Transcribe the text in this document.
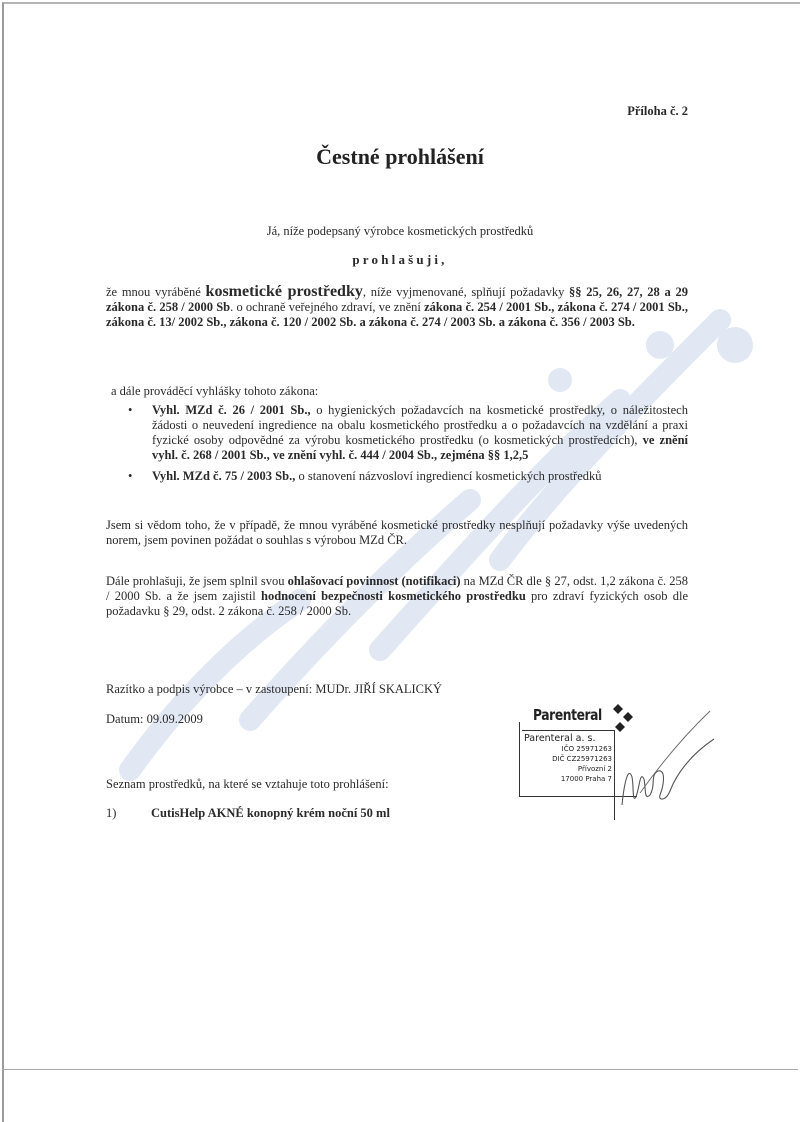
Příloha č. 2
Čestné prohlášení
Já, níže podepsaný výrobce kosmetických prostředků
prohlašuji,
že mnou vyráběné kosmetické prostředky, níže vyjmenované, splňují požadavky §§ 25, 26, 27, 28 a 29 zákona č. 258 / 2000 Sb. o ochraně veřejného zdraví, ve znění zákona č. 254 / 2001 Sb., zákona č. 274 / 2001 Sb., zákona č. 13/ 2002 Sb., zákona č. 120 / 2002 Sb. a zákona č. 274 / 2003 Sb. a zákona č. 356 / 2003 Sb.
a dále prováděcí vyhlášky tohoto zákona:
• Vyhl. MZd č. 26 / 2001 Sb., o hygienických požadavcích na kosmetické prostředky, o náležitostech žádosti o neuvedení ingredience na obalu kosmetického prostředku a o požadavcích na vzdělání a praxi fyzické osoby odpovědné za výrobu kosmetického prostředku (o kosmetických prostředcích), ve znění vyhl. č. 268 / 2001 Sb., ve znění vyhl. č. 444 / 2004 Sb., zejména §§ 1,2,5
• Vyhl. MZd č. 75 / 2003 Sb., o stanovení názvosloví ingrediencí kosmetických prostředků
Jsem si vědom toho, že v případě, že mnou vyráběné kosmetické prostředky nesplňují požadavky výše uvedených norem, jsem povinen požádat o souhlas s výrobou MZd ČR.
Dále prohlašuji, že jsem splnil svou ohlašovací povinnost (notifikaci) na MZd ČR dle § 27, odst. 1,2 zákona č. 258 / 2000 Sb. a že jsem zajistil hodnocení bezpečnosti kosmetického prostředku pro zdraví fyzických osob dle požadavku § 29, odst. 2 zákona č. 258 / 2000 Sb.
Razítko a podpis výrobce – v zastoupení: MUDr. JIŘÍ SKALICKÝ
Datum: 09.09.2009
Seznam prostředků, na které se vztahuje toto prohlášení:
1)	CutisHelp AKNÉ konopný krém noční 50 ml
Parenteral
Parenteral a. s.
IČO 25971263
DIČ CZ25971263
Přívozní 2
17000 Praha 7
